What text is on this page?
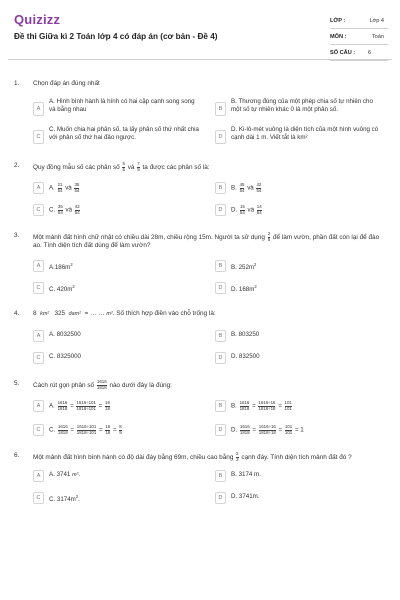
Quizizz
Đề thi Giữa kì 2 Toán lớp 4 có đáp án (cơ bản - Đề 4)
LỚP :	Lớp 4
MÔN :	Toán
SỐ CÂU : 6
1. Chọn đáp án đúng nhất
A
A. Hình bình hành là hình có hai cặp cạnh song song và bằng nhau	B
B. Thương đúng của một phép chia số tự nhiên cho một số tự nhiên khác 0 là một phân số.
C
C. Muốn chia hai phân số, ta lấy phân số thứ nhất chia với phân số thứ hai đảo ngược.	D
D. Ki-lô-mét vuông là diện tích của một hình vuông có cạnh dài 1 m. Viết tắt là km²
2. Quy đồng mẫu số các phân số $\frac{5}{6}$ và $\frac{7}{9}$ ta được các phân số là:
A	A. $\frac{21}{54}$ và $\frac{35}{54}$	B	B. $\frac{45}{54}$ và $\frac{42}{54}$
C	C. $\frac{35}{54}$ và $\frac{42}{54}$	D	D. $\frac{15}{54}$ và $\frac{14}{54}$
3. Một mảnh đất hình chữ nhật có chiều dài 28m, chiều rộng 15m. Người ta sử dụng $\frac{2}{5}$ để làm vườn, phần đất còn lại để đào ao. Tính diện tích đất dùng để làm vườn?
A	$A.186m^2$	B	B. $252m^2$
C	C. $420m^2$	D	D. $168m^2$
4. 8 km² 325 dam² = … … m². Số thích hợp điền vào chỗ trống là:
A	A. 8032500	B	B. 803250
C	C. 8325000	D	D. 832500
5. Cách rút gọn phân số $\frac{1616}{1818}$ nào dưới đây là đúng:
A	A. $\frac{1616}{1818} = \frac{1616\div 101}{1818\div 101} = \frac{16}{18}$	B	B. $\frac{1616}{1818} = \frac{1616\div 16}{1818\div 18} = \frac{101}{101}$
C	C. $\frac{1616}{1818} = \frac{1616\div 101}{1818\div 101} = \frac{16}{18} = \frac{8}{9}$	D	D. $\frac{1616}{1818} = \frac{1616\div 16}{1818\div 18} = \frac{101}{101} = 1$
6. Một mảnh đất hình bình hành có độ dài đáy bằng 69m, chiều cao bằng $\frac{2}{3}$ cạnh đáy. Tính diện tích mảnh đất đó ?
A	A. 3741 m².	B	B. 3174 m.
C	C. $3174m^2$.	D	D. 3741m.
